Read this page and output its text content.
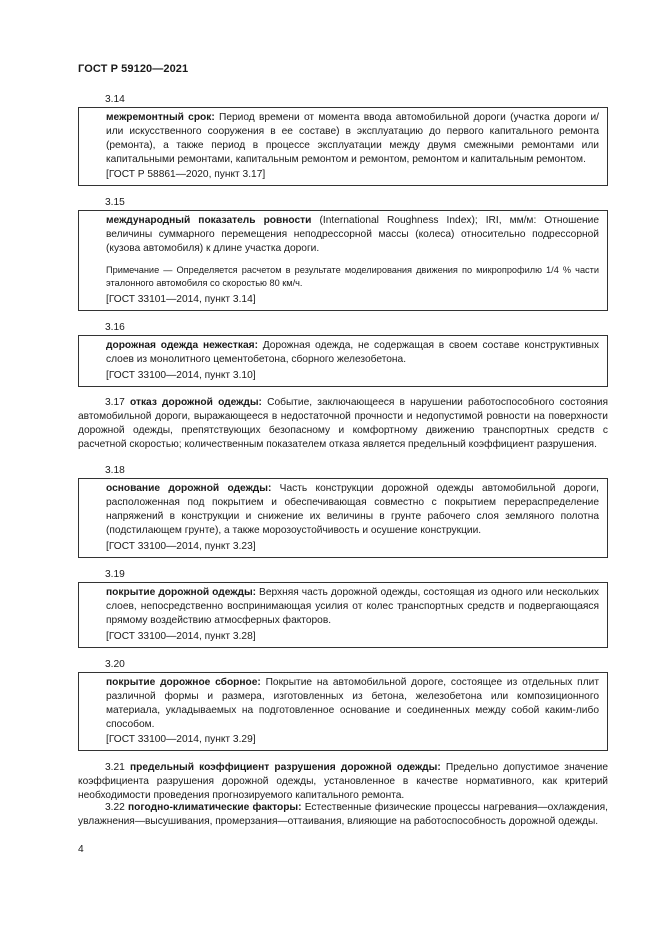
ГОСТ Р 59120—2021
3.14
межремонтный срок: Период времени от момента ввода автомобильной дороги (участка дороги и/или искусственного сооружения в ее составе) в эксплуатацию до первого капитального ремонта (ремонта), а также период в процессе эксплуатации между двумя смежными ремонтами или капитальными ремонтами, капитальным ремонтом и ремонтом, ремонтом и капитальным ремонтом.
[ГОСТ Р 58861—2020, пункт 3.17]
3.15
международный показатель ровности (International Roughness Index); IRI, мм/м: Отношение величины суммарного перемещения неподрессорной массы (колеса) относительно подрессорной (кузова автомобиля) к длине участка дороги.
Примечание — Определяется расчетом в результате моделирования движения по микропрофилю 1/4 % части эталонного автомобиля со скоростью 80 км/ч.
[ГОСТ 33101—2014, пункт 3.14]
3.16
дорожная одежда нежесткая: Дорожная одежда, не содержащая в своем составе конструктивных слоев из монолитного цементобетона, сборного железобетона.
[ГОСТ 33100—2014, пункт 3.10]
3.17 отказ дорожной одежды: Событие, заключающееся в нарушении работоспособного состояния автомобильной дороги, выражающееся в недостаточной прочности и недопустимой ровности на поверхности дорожной одежды, препятствующих безопасному и комфортному движению транспортных средств с расчетной скоростью; количественным показателем отказа является предельный коэффициент разрушения.
3.18
основание дорожной одежды: Часть конструкции дорожной одежды автомобильной дороги, расположенная под покрытием и обеспечивающая совместно с покрытием перераспределение напряжений в конструкции и снижение их величины в грунте рабочего слоя земляного полотна (подстилающем грунте), а также морозоустойчивость и осушение конструкции.
[ГОСТ 33100—2014, пункт 3.23]
3.19
покрытие дорожной одежды: Верхняя часть дорожной одежды, состоящая из одного или нескольких слоев, непосредственно воспринимающая усилия от колес транспортных средств и подвергающаяся прямому воздействию атмосферных факторов.
[ГОСТ 33100—2014, пункт 3.28]
3.20
покрытие дорожное сборное: Покрытие на автомобильной дороге, состоящее из отдельных плит различной формы и размера, изготовленных из бетона, железобетона или композиционного материала, укладываемых на подготовленное основание и соединенных между собой каким-либо способом.
[ГОСТ 33100—2014, пункт 3.29]
3.21 предельный коэффициент разрушения дорожной одежды: Предельно допустимое значение коэффициента разрушения дорожной одежды, установленное в качестве нормативного, как критерий необходимости проведения прогнозируемого капитального ремонта.
3.22 погодно-климатические факторы: Естественные физические процессы нагревания—охлаждения, увлажнения—высушивания, промерзания—оттаивания, влияющие на работоспособность дорожной одежды.
4
